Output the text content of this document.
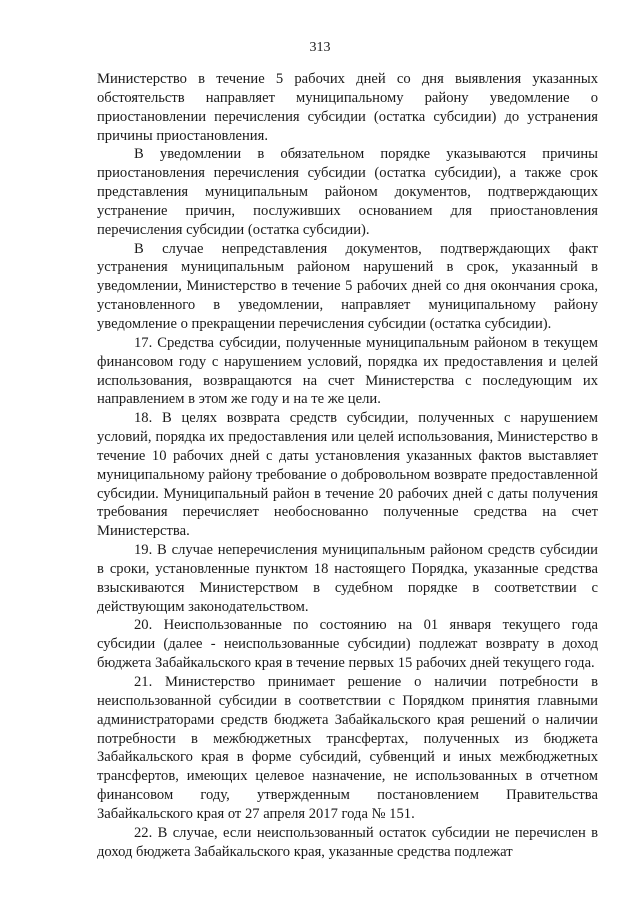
313

Министерство в течение 5 рабочих дней со дня выявления указанных обстоятельств направляет муниципальному району уведомление о приостановлении перечисления субсидии (остатка субсидии) до устранения причины приостановления.

В уведомлении в обязательном порядке указываются причины приостановления перечисления субсидии (остатка субсидии), а также срок представления муниципальным районом документов, подтверждающих устранение причин, послуживших основанием для приостановления перечисления субсидии (остатка субсидии).

В случае непредставления документов, подтверждающих факт устранения муниципальным районом нарушений в срок, указанный в уведомлении, Министерство в течение 5 рабочих дней со дня окончания срока, установленного в уведомлении, направляет муниципальному району уведомление о прекращении перечисления субсидии (остатка субсидии).

17. Средства субсидии, полученные муниципальным районом в текущем финансовом году с нарушением условий, порядка их предоставления и целей использования, возвращаются на счет Министерства с последующим их направлением в этом же году и на те же цели.

18. В целях возврата средств субсидии, полученных с нарушением условий, порядка их предоставления или целей использования, Министерство в течение 10 рабочих дней с даты установления указанных фактов выставляет муниципальному району требование о добровольном возврате предоставленной субсидии. Муниципальный район в течение 20 рабочих дней с даты получения требования перечисляет необоснованно полученные средства на счет Министерства.

19. В случае неперечисления муниципальным районом средств субсидии в сроки, установленные пунктом 18 настоящего Порядка, указанные средства взыскиваются Министерством в судебном порядке в соответствии с действующим законодательством.

20. Неиспользованные по состоянию на 01 января текущего года субсидии (далее - неиспользованные субсидии) подлежат возврату в доход бюджета Забайкальского края в течение первых 15 рабочих дней текущего года.

21. Министерство принимает решение о наличии потребности в неиспользованной субсидии в соответствии с Порядком принятия главными администраторами средств бюджета Забайкальского края решений о наличии потребности в межбюджетных трансфертах, полученных из бюджета Забайкальского края в форме субсидий, субвенций и иных межбюджетных трансфертов, имеющих целевое назначение, не использованных в отчетном финансовом году, утвержденным постановлением Правительства Забайкальского края от 27 апреля 2017 года № 151.

22. В случае, если неиспользованный остаток субсидии не перечислен в доход бюджета Забайкальского края, указанные средства подлежат
